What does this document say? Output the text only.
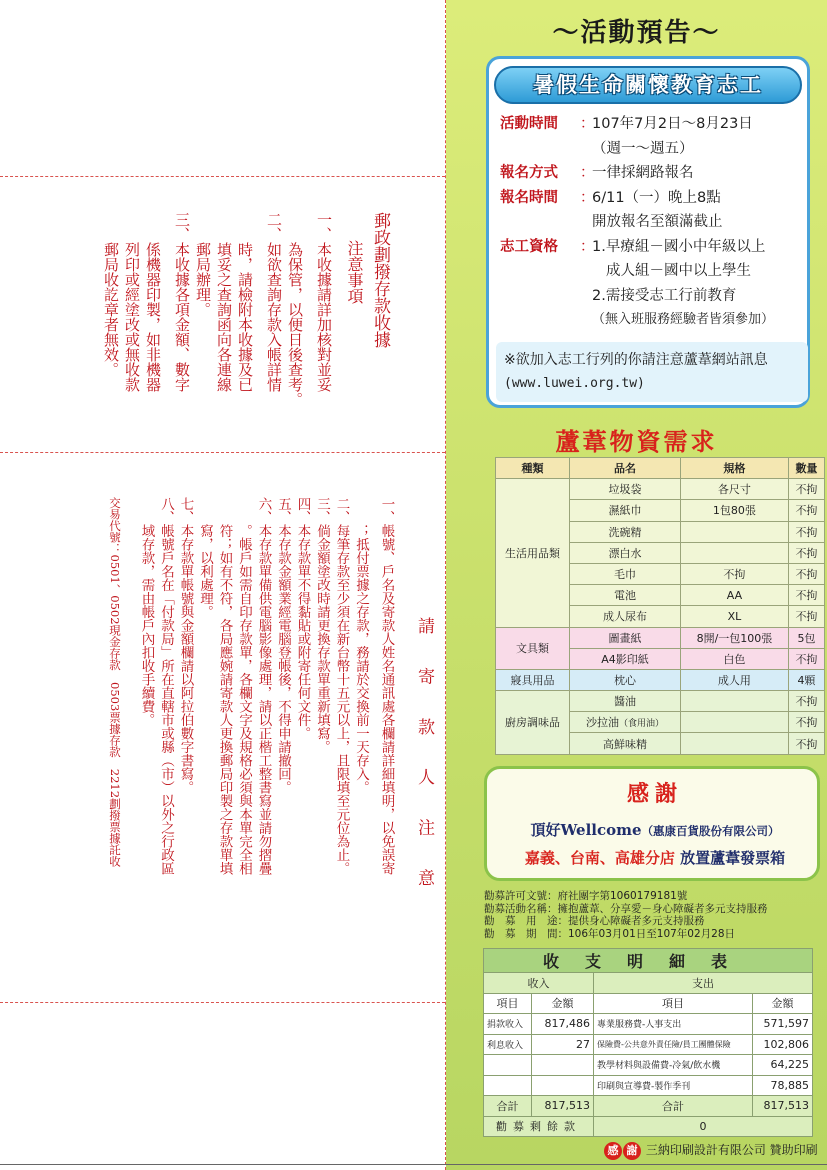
郵政劃撥存款收據
注意事項
一、本收據請詳加核對並妥
　　為保管，以便日後查考。
二、如欲查詢存款入帳詳情
　　時，請檢附本收據及已
　　填妥之查詢函向各連線
　　郵局辦理。
三、本收據各項金額、數字
　　係機器印製，如非機器
　　列印或經塗改或無收款
　　郵局收訖章者無效。
請 寄 款 人 注 意
一、帳號、戶名及寄款人姓名通訊處各欄請詳細填明，以免誤寄
　　；抵付票據之存款，務請於交換前一天存入。
二、每筆存款至少須在新台幣十五元以上，且限填至元位為止。
三、倘金額塗改時請更換存款單重新填寫。
四、本存款單不得黏貼或附寄任何文件。
五、本存款金額業經電腦登帳後，不得申請撤回。
六、本存款單備供電腦影像處理，請以正楷工整書寫並請勿摺疊
　　。帳戶如需自印存款單，各欄文字及規格必須與本單完全相
　　符；如有不符，各局應婉請寄款人更換郵局印製之存款單填
　　寫，以利處理。
七、本存款單帳號與金額欄請以阿拉伯數字書寫。
八、帳號戶名在「付款局」所在直轄市或縣（市）以外之行政區
　　域存款，需由帳戶內扣收手續費。
交易代號：0501、0502現金存款　0503票據存款　2212劃撥票據託收
～活動預告～
暑假生命關懷教育志工
活動時間	：
107年7月2日～8月23日
（週一～週五）
報名方式	：
一律採網路報名
報名時間	：
6/11（一）晚上8點
開放報名至額滿截止
志工資格	：
1.早療組－國小中年級以上
成人組－國中以上學生
2.需接受志工行前教育
（無入班服務經驗者皆須參加）
※欲加入志工行列的你請注意蘆葦網站訊息
(www.luwei.org.tw)
蘆葦物資需求
種類	品名	規格	數量
生活用品類	垃圾袋	各尺寸	不拘
	濕紙巾	1包80張	不拘
	洗碗精		不拘
	漂白水		不拘
	毛巾	不拘	不拘
	電池	AA	不拘
	成人尿布	XL	不拘
文具類	圖畫紙	8開/一包100張	5包
	A4影印紙	白色	不拘
寢具用品	枕心	成人用	4顆
廚房調味品	醬油		不拘
	沙拉油（食用油）		不拘
	高鮮味精		不拘
感謝
頂好Wellcome（惠康百貨股份有限公司）
嘉義、台南、高雄分店 放置蘆葦發票箱
勸募許可文號：府社團字第1060179181號
勸募活動名稱：擁抱蘆葦、分享愛－身心障礙者多元支持服務
勸　募　用　途：提供身心障礙者多元支持服務
勸　募　期　間：106年03月01日至107年02月28日
收支明細表			
收入		支出	
項目	金額	項目	金額
捐款收入	817,486	專業服務費-人事支出	571,597
利息收入	27	保險費-公共意外責任險/員工團體保險	102,806
		教學材料與設備費-冷氣/飲水機	64,225
		印刷與宣導費-製作季刊	78,885
合計	817,513	合計	817,513
勸募剩餘款		0	
感 謝 三納印刷設計有限公司 贊助印刷
